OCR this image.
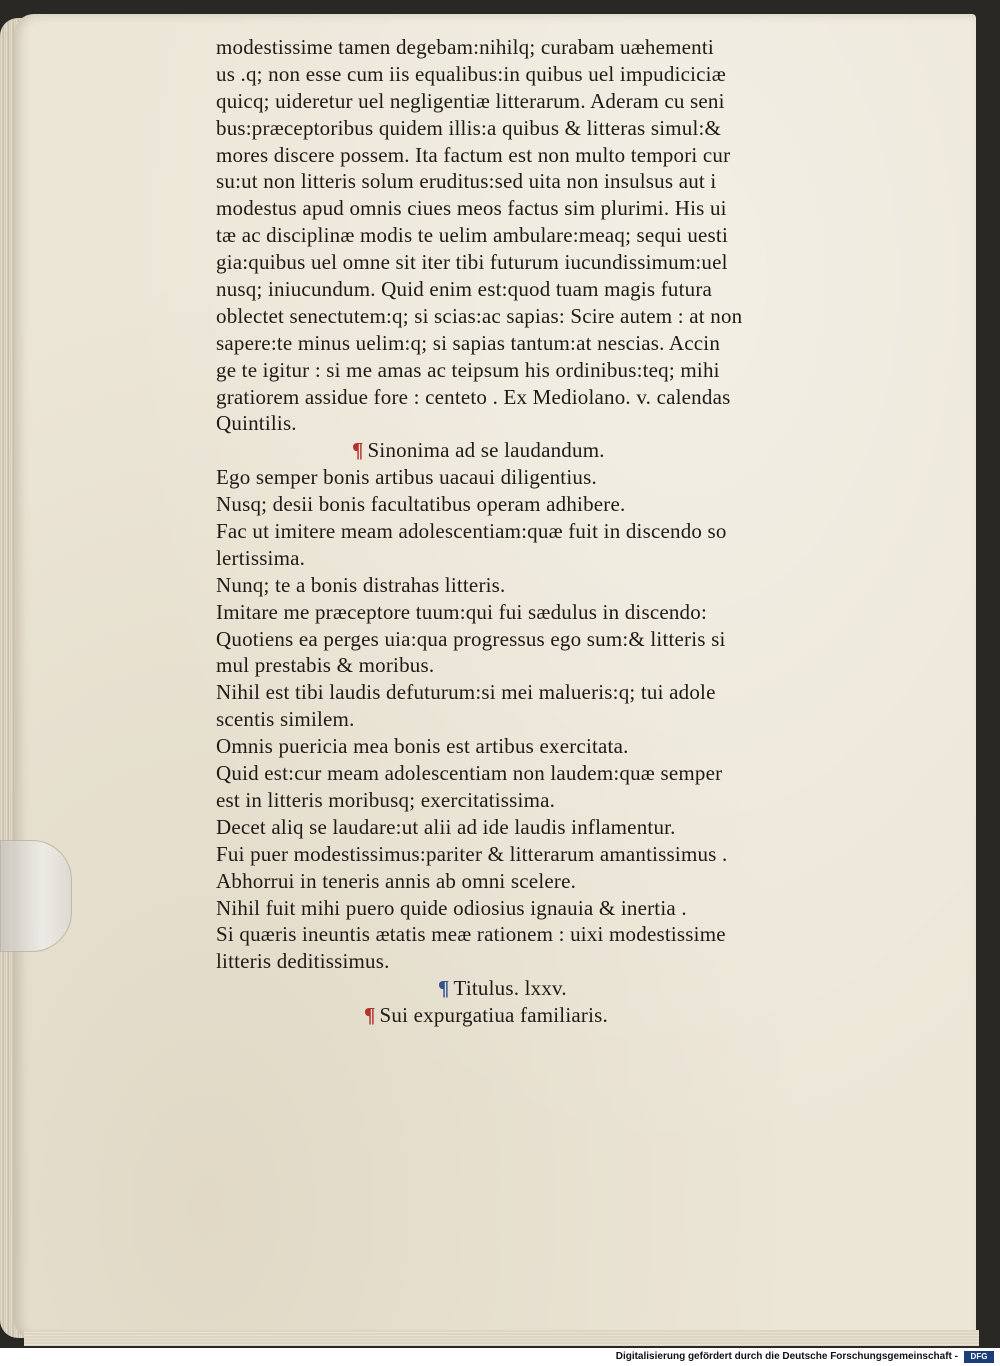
modestissime tamen degebam:nihilq; curabam uæhementi
us .q; non esse cum iis equalibus:in quibus uel impudiciciæ
quicq; uideretur uel negligentiæ litterarum. Aderam cu seni
bus:præceptoribus quidem illis:a quibus & litteras simul:&
mores discere possem. Ita factum est non multo tempori cur
su:ut non litteris solum eruditus:sed uita non insulsus aut i
modestus apud omnis ciues meos factus sim plurimi. His ui
tæ ac disciplinæ modis te uelim ambulare:meaq; sequi uesti
gia:quibus uel omne sit iter tibi futurum iucundissimum:uel
nusq; iniucundum. Quid enim est:quod tuam magis futura
oblectet senectutem:q; si scias:ac sapias: Scire autem : at non
sapere:te minus uelim:q; si sapias tantum:at nescias. Accin
ge te igitur : si me amas ac teipsum his ordinibus:teq; mihi
gratiorem assidue fore : centeto . Ex Mediolano. v. calendas
Quintilis.
¶ Sinonima ad se laudandum.
Ego semper bonis artibus uacaui diligentius.
Nusq; desii bonis facultatibus operam adhibere.
Fac ut imitere meam adolescentiam:quæ fuit in discendo so
lertissima.
Nunq; te a bonis distrahas litteris.
Imitare me præceptore tuum:qui fui sædulus in discendo:
Quotiens ea perges uia:qua progressus ego sum:& litteris si
mul prestabis & moribus.
Nihil est tibi laudis defuturum:si mei malueris:q; tui adole
scentis similem.
Omnis puericia mea bonis est artibus exercitata.
Quid est:cur meam adolescentiam non laudem:quæ semper
est in litteris moribusq; exercitatissima.
Decet aliq se laudare:ut alii ad ide laudis inflamentur.
Fui puer modestissimus:pariter & litterarum amantissimus .
Abhorrui in teneris annis ab omni scelere.
Nihil fuit mihi puero quide odiosius ignauia & inertia .
Si quæris ineuntis ætatis meæ rationem : uixi modestissime
litteris deditissimus.
¶ Titulus. lxxv.
¶ Sui expurgatiua familiaris.
Digitalisierung gefördert durch die Deutsche Forschungsgemeinschaft -	DFG
